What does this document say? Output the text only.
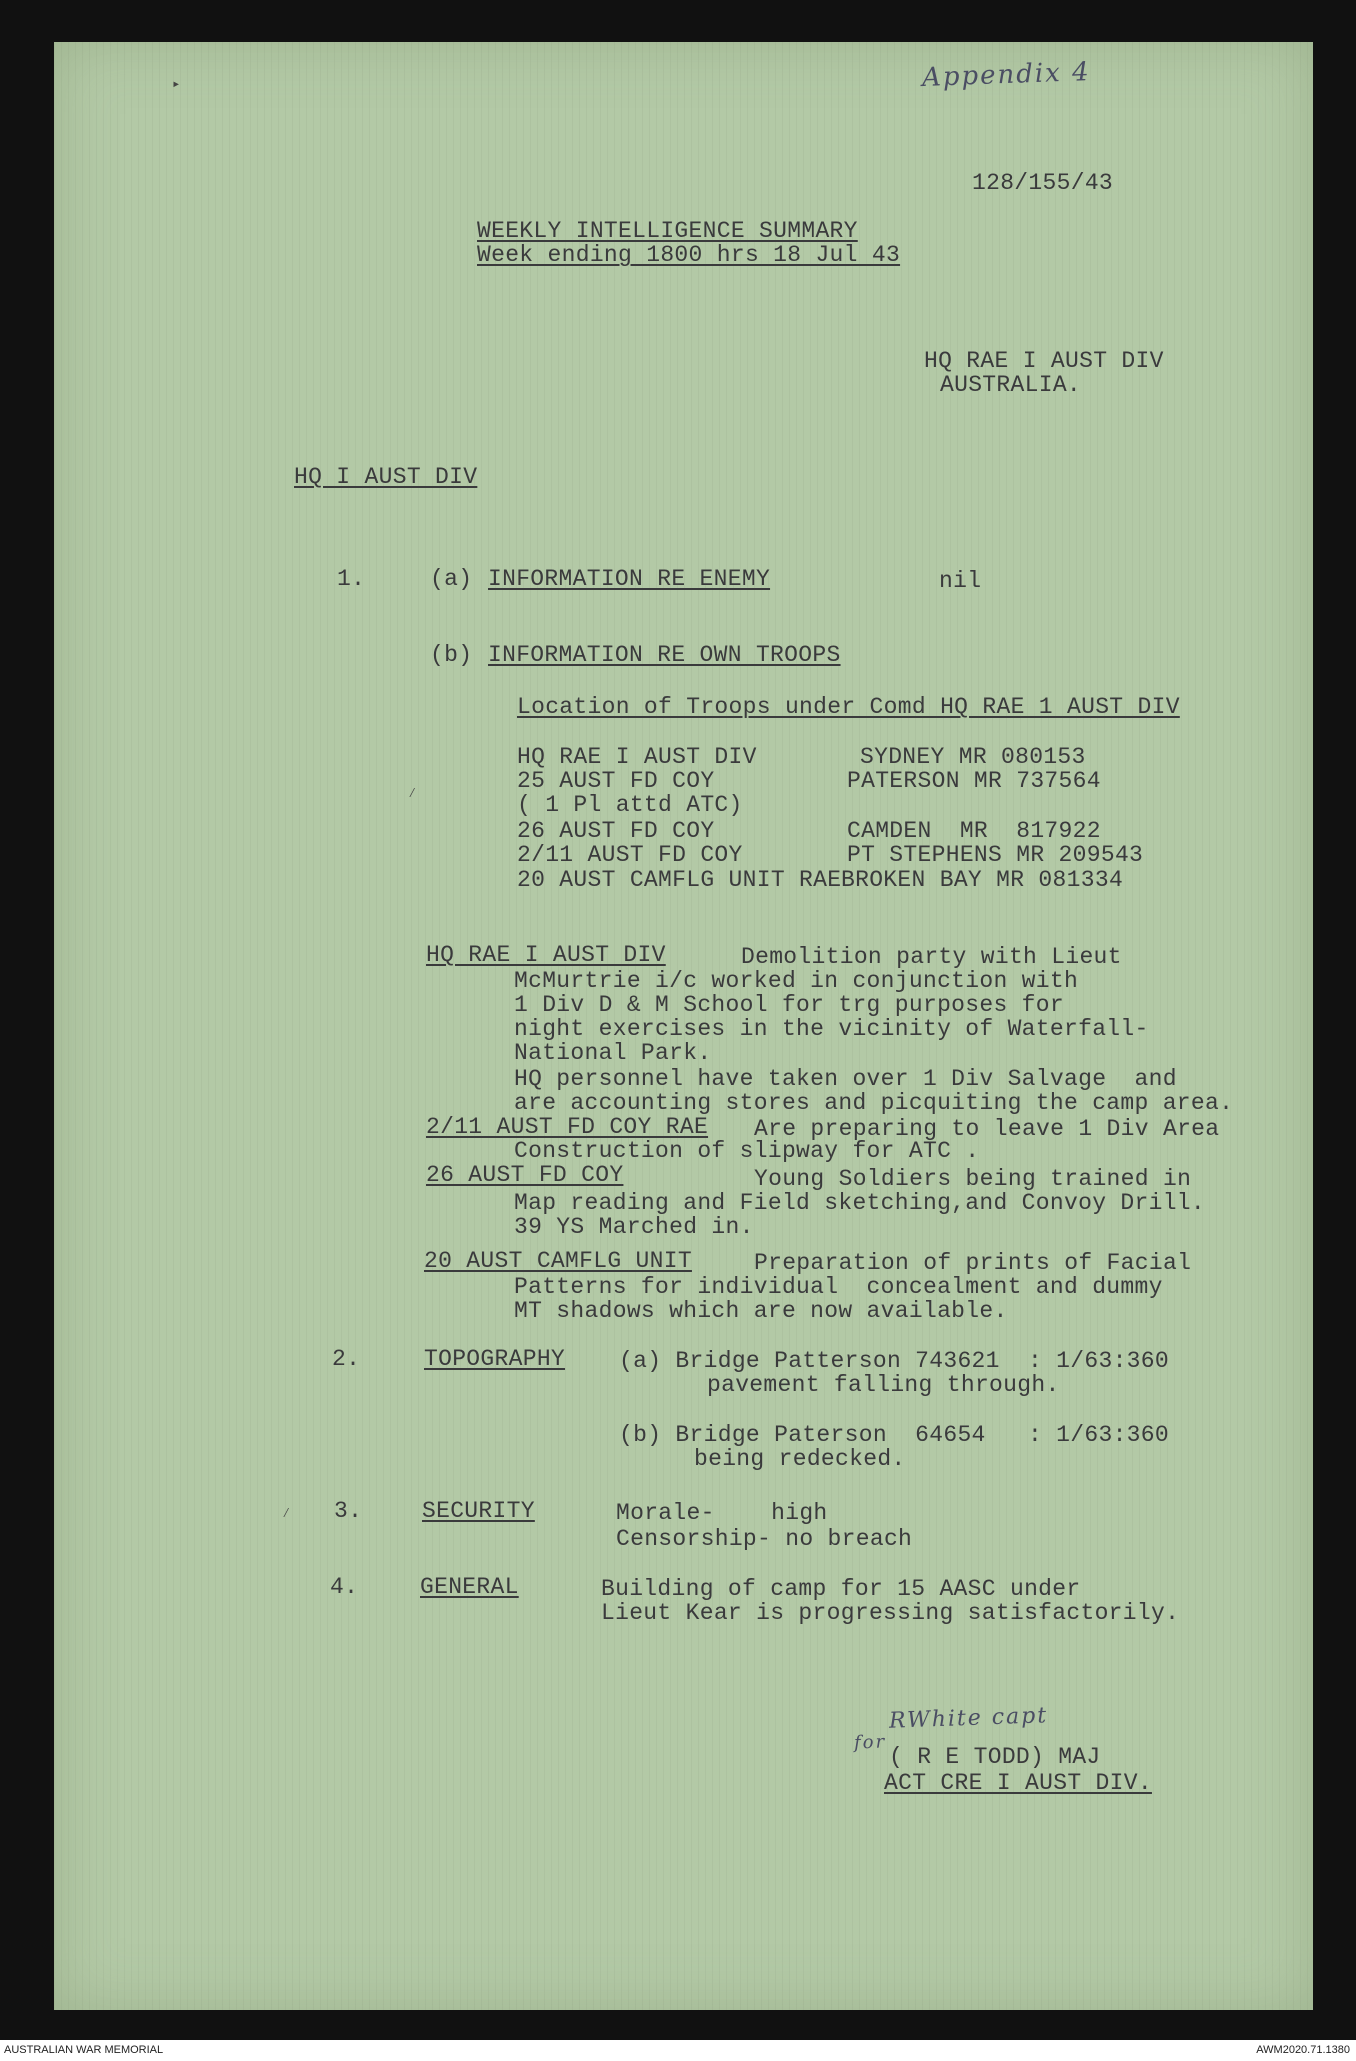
Appendix 4
128/155/43
WEEKLY INTELLIGENCE SUMMARY
Week ending 1800 hrs 18 Jul 43
HQ RAE I AUST DIV
AUSTRALIA.
HQ I AUST DIV
1.	(a) INFORMATION RE ENEMY	nil
(b) INFORMATION RE OWN TROOPS
Location of Troops under Comd HQ RAE 1 AUST DIV
HQ RAE I AUST DIV	SYDNEY MR 080153
25 AUST FD COY	PATERSON MR 737564
( 1 Pl attd ATC)
26 AUST FD COY	CAMDEN  MR  817922
2/11 AUST FD COY	PT STEPHENS MR 209543
20 AUST CAMFLG UNIT RAE BROKEN BAY MR 081334
HQ RAE I AUST DIV	Demolition party with Lieut
McMurtrie i/c worked in conjunction with
1 Div D & M School for trg purposes for
night exercises in the vicinity of Waterfall-
National Park.
HQ personnel have taken over 1 Div Salvage  and
are accounting stores and picquiting the camp area.
2/11 AUST FD COY RAE Are preparing to leave 1 Div Area
Construction of slipway for ATC .
26 AUST FD COY	Young Soldiers being trained in
Map reading and Field sketching,and Convoy Drill.
39 YS Marched in.
20 AUST CAMFLG UNIT	Preparation of prints of Facial
Patterns for individual  concealment and dummy
MT shadows which are now available.
2.	TOPOGRAPHY (a) Bridge Patterson 743621  : 1/63:360
pavement falling through.
(b) Bridge Paterson  64654   : 1/63:360
being redecked.
3.	SECURITY	Morale-    high
Censorship- no breach
4.	GENERAL	Building of camp for 15 AASC under
Lieut Kear is progressing satisfactorily.
RWhite capt
for
( R E TODD) MAJ
ACT CRE I AUST DIV.
▸
⁄
⁄
AUSTRALIAN WAR MEMORIAL	AWM2020.71.1380
